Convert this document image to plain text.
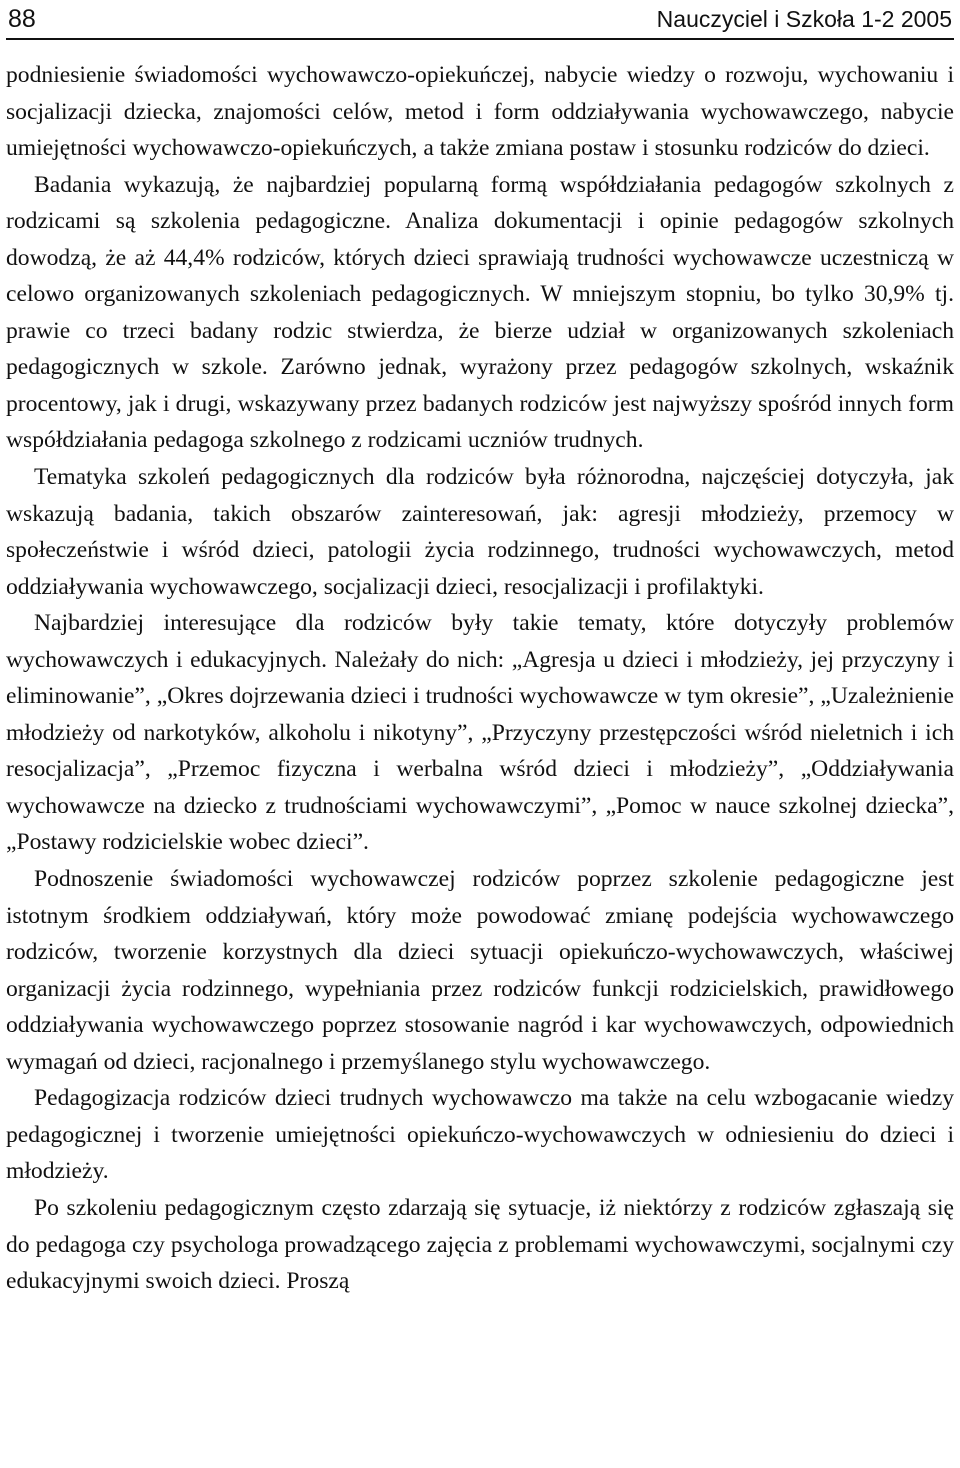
88	Nauczyciel i Szkoła 1-2 2005

podniesienie świadomości wychowawczo-opiekuńczej, nabycie wiedzy o rozwoju, wychowaniu i socjalizacji dziecka, znajomości celów, metod i form oddziaływania wychowawczego, nabycie umiejętności wychowawczo-opiekuńczych, a także zmiana postaw i stosunku rodziców do dzieci.

Badania wykazują, że najbardziej popularną formą współdziałania pedagogów szkolnych z rodzicami są szkolenia pedagogiczne. Analiza dokumentacji i opinie pedagogów szkolnych dowodzą, że aż 44,4% rodziców, których dzieci sprawiają trudności wychowawcze uczestniczą w celowo organizowanych szkoleniach pedagogicznych. W mniejszym stopniu, bo tylko 30,9% tj. prawie co trzeci badany rodzic stwierdza, że bierze udział w organizowanych szkoleniach pedagogicznych w szkole. Zarówno jednak, wyrażony przez pedagogów szkolnych, wskaźnik procentowy, jak i drugi, wskazywany przez badanych rodziców jest najwyższy spośród innych form współdziałania pedagoga szkolnego z rodzicami uczniów trudnych.

Tematyka szkoleń pedagogicznych dla rodziców była różnorodna, najczęściej dotyczyła, jak wskazują badania, takich obszarów zainteresowań, jak: agresji młodzieży, przemocy w społeczeństwie i wśród dzieci, patologii życia rodzinnego, trudności wychowawczych, metod oddziaływania wychowawczego, socjalizacji dzieci, resocjalizacji i profilaktyki.

Najbardziej interesujące dla rodziców były takie tematy, które dotyczyły problemów wychowawczych i edukacyjnych. Należały do nich: „Agresja u dzieci i młodzieży, jej przyczyny i eliminowanie”, „Okres dojrzewania dzieci i trudności wychowawcze w tym okresie”, „Uzależnienie młodzieży od narkotyków, alkoholu i nikotyny”, „Przyczyny przestępczości wśród nieletnich i ich resocjalizacja”, „Przemoc fizyczna i werbalna wśród dzieci i młodzieży”, „Oddziaływania wychowawcze na dziecko z trudnościami wychowawczymi”, „Pomoc w nauce szkolnej dziecka”, „Postawy rodzicielskie wobec dzieci”.

Podnoszenie świadomości wychowawczej rodziców poprzez szkolenie pedagogiczne jest istotnym środkiem oddziaływań, który może powodować zmianę podejścia wychowawczego rodziców, tworzenie korzystnych dla dzieci sytuacji opiekuńczo-wychowawczych, właściwej organizacji życia rodzinnego, wypełniania przez rodziców funkcji rodzicielskich, prawidłowego oddziaływania wychowawczego poprzez stosowanie nagród i kar wychowawczych, odpowiednich wymagań od dzieci, racjonalnego i przemyślanego stylu wychowawczego.

Pedagogizacja rodziców dzieci trudnych wychowawczo ma także na celu wzbogacanie wiedzy pedagogicznej i tworzenie umiejętności opiekuńczo-wychowawczych w odniesieniu do dzieci i młodzieży.

Po szkoleniu pedagogicznym często zdarzają się sytuacje, iż niektórzy z rodziców zgłaszają się do pedagoga czy psychologa prowadzącego zajęcia z problemami wychowawczymi, socjalnymi czy edukacyjnymi swoich dzieci. Proszą
